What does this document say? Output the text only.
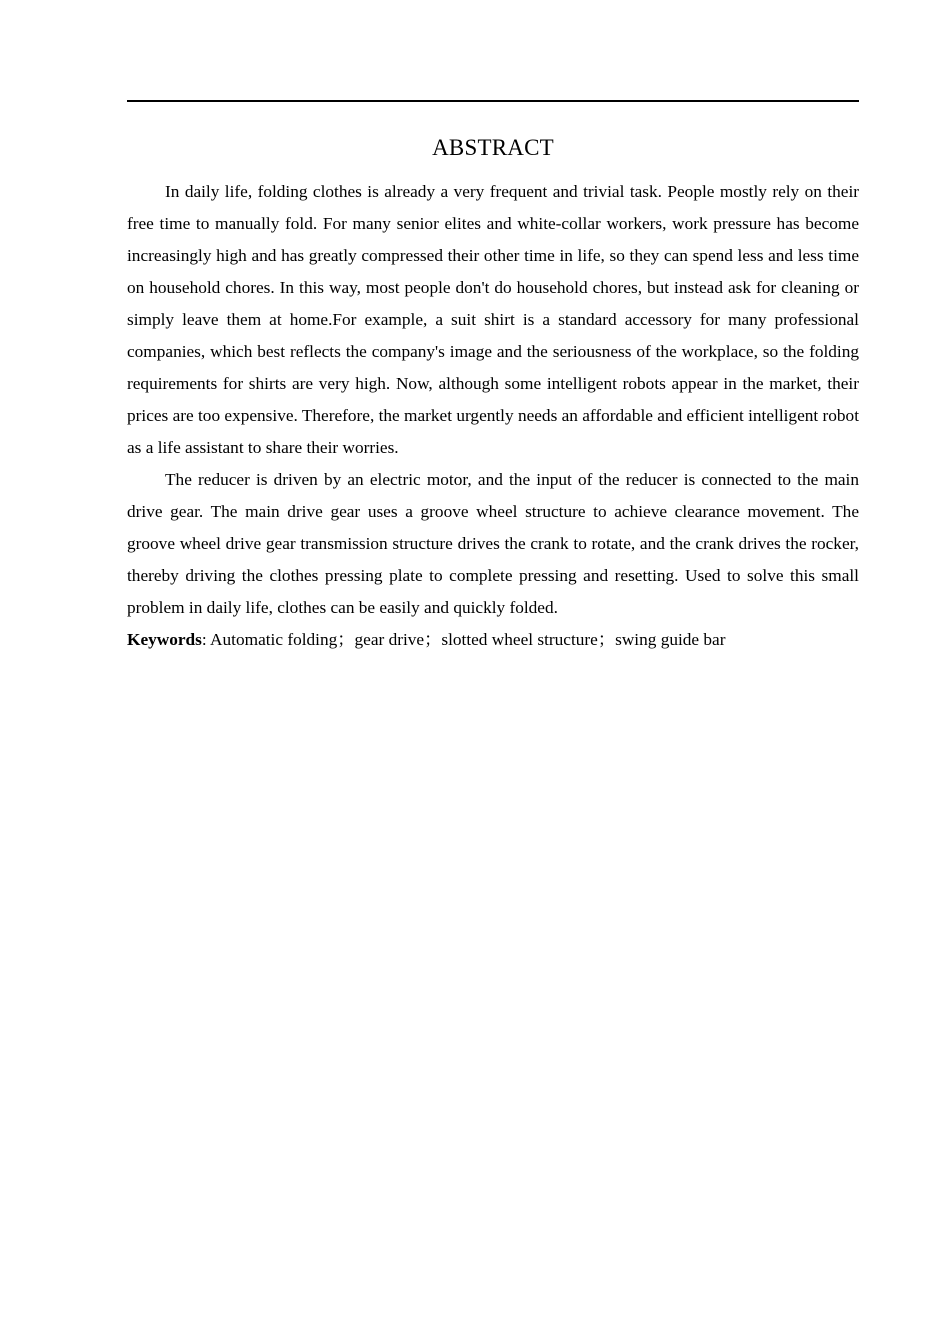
ABSTRACT

In daily life, folding clothes is already a very frequent and trivial task. People mostly rely on their free time to manually fold. For many senior elites and white-collar workers, work pressure has become increasingly high and has greatly compressed their other time in life, so they can spend less and less time on household chores. In this way, most people don't do household chores, but instead ask for cleaning or simply leave them at home.For example, a suit shirt is a standard accessory for many professional companies, which best reflects the company's image and the seriousness of the workplace, so the folding requirements for shirts are very high. Now, although some intelligent robots appear in the market, their prices are too expensive. Therefore, the market urgently needs an affordable and efficient intelligent robot as a life assistant to share their worries.

The reducer is driven by an electric motor, and the input of the reducer is connected to the main drive gear. The main drive gear uses a groove wheel structure to achieve clearance movement. The groove wheel drive gear transmission structure drives the crank to rotate, and the crank drives the rocker, thereby driving the clothes pressing plate to complete pressing and resetting. Used to solve this small problem in daily life, clothes can be easily and quickly folded.

Keywords: Automatic folding；gear drive；slotted wheel structure；swing guide bar
